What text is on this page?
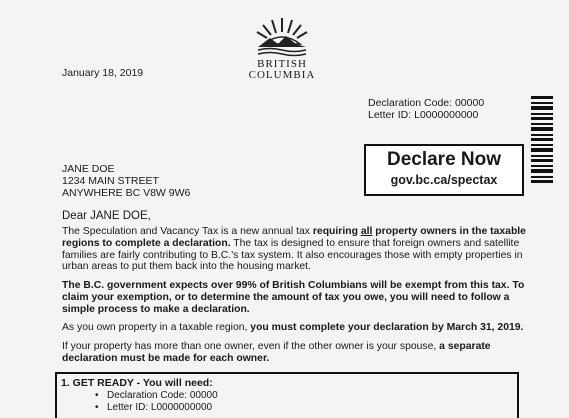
BRITISH
COLUMBIA
January 18, 2019
Declaration Code: 00000
Letter ID: L0000000000
Declare Now
gov.bc.ca/spectax
JANE DOE
1234 MAIN STREET
ANYWHERE BC V8W 9W6
Dear JANE DOE,
The Speculation and Vacancy Tax is a new annual tax requiring all property owners in the taxable regions to complete a declaration. The tax is designed to ensure that foreign owners and satellite families are fairly contributing to B.C.'s tax system. It also encourages those with empty properties in urban areas to put them back into the housing market.
The B.C. government expects over 99% of British Columbians will be exempt from this tax. To claim your exemption, or to determine the amount of tax you owe, you will need to follow a simple process to make a declaration.
As you own property in a taxable region, you must complete your declaration by March 31, 2019.
If your property has more than one owner, even if the other owner is your spouse, a separate declaration must be made for each owner.
1. GET READY - You will need:
• Declaration Code: 00000
• Letter ID: L0000000000
